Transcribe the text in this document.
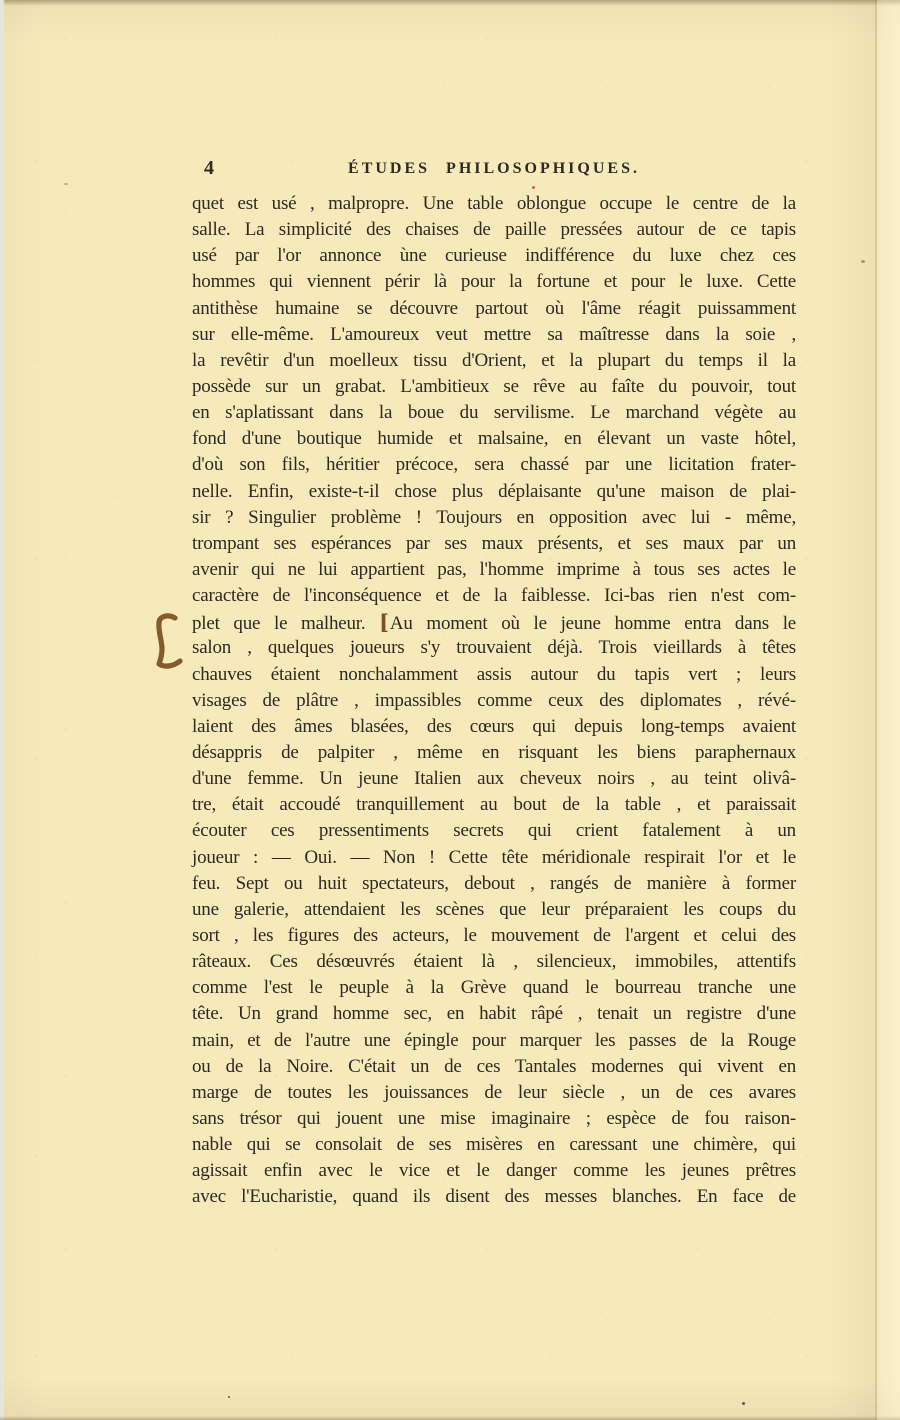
4	ÉTUDES PHILOSOPHIQUES.
quet est usé , malpropre. Une table oblongue occupe le centre de la
salle. La simplicité des chaises de paille pressées autour de ce tapis
usé par l'or annonce ùne curieuse indifférence du luxe chez ces
hommes qui viennent périr là pour la fortune et pour le luxe. Cette
antithèse humaine se découvre partout où l'âme réagit puissamment
sur elle-même. L'amoureux veut mettre sa maîtresse dans la soie ,
la revêtir d'un moelleux tissu d'Orient, et la plupart du temps il la
possède sur un grabat. L'ambitieux se rêve au faîte du pouvoir, tout
en s'aplatissant dans la boue du servilisme. Le marchand végète au
fond d'une boutique humide et malsaine, en élevant un vaste hôtel,
d'où son fils, héritier précoce, sera chassé par une licitation frater-
nelle. Enfin, existe-t-il chose plus déplaisante qu'une maison de plai-
sir ? Singulier problème ! Toujours en opposition avec lui - même,
trompant ses espérances par ses maux présents, et ses maux par un
avenir qui ne lui appartient pas, l'homme imprime à tous ses actes le
caractère de l'inconséquence et de la faiblesse. Ici-bas rien n'est com-
plet que le malheur. [Au moment où le jeune homme entra dans le
salon , quelques joueurs s'y trouvaient déjà. Trois vieillards à têtes
chauves étaient nonchalamment assis autour du tapis vert ; leurs
visages de plâtre , impassibles comme ceux des diplomates , révé-
laient des âmes blasées, des cœurs qui depuis long-temps avaient
désappris de palpiter , même en risquant les biens paraphernaux
d'une femme. Un jeune Italien aux cheveux noirs , au teint olivâ-
tre, était accoudé tranquillement au bout de la table , et paraissait
écouter ces pressentiments secrets qui crient fatalement à un
joueur : — Oui. — Non ! Cette tête méridionale respirait l'or et le
feu. Sept ou huit spectateurs, debout , rangés de manière à former
une galerie, attendaient les scènes que leur préparaient les coups du
sort , les figures des acteurs, le mouvement de l'argent et celui des
râteaux. Ces désœuvrés étaient là , silencieux, immobiles, attentifs
comme l'est le peuple à la Grève quand le bourreau tranche une
tête. Un grand homme sec, en habit râpé , tenait un registre d'une
main, et de l'autre une épingle pour marquer les passes de la Rouge
ou de la Noire. C'était un de ces Tantales modernes qui vivent en
marge de toutes les jouissances de leur siècle , un de ces avares
sans trésor qui jouent une mise imaginaire ; espèce de fou raison-
nable qui se consolait de ses misères en caressant une chimère, qui
agissait enfin avec le vice et le danger comme les jeunes prêtres
avec l'Eucharistie, quand ils disent des messes blanches. En face de
